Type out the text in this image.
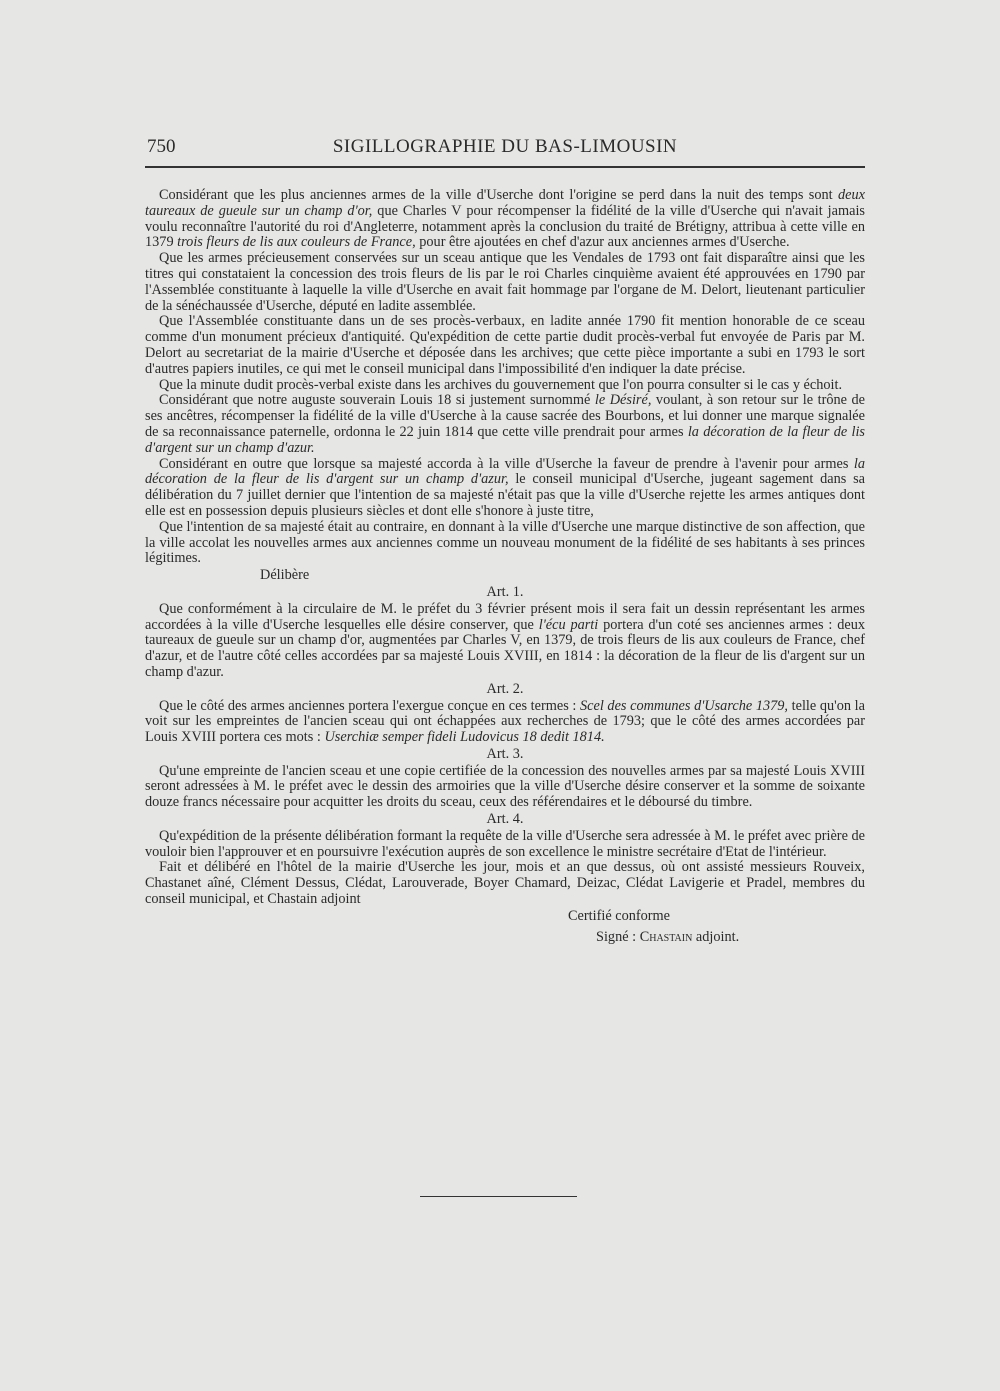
750	SIGILLOGRAPHIE DU BAS-LIMOUSIN

Considérant que les plus anciennes armes de la ville d'Userche dont l'origine se perd dans la nuit des temps sont deux taureaux de gueule sur un champ d'or, que Charles V pour récompenser la fidélité de la ville d'Userche qui n'avait jamais voulu reconnaître l'autorité du roi d'Angleterre, notamment après la conclusion du traité de Brétigny, attribua à cette ville en 1379 trois fleurs de lis aux couleurs de France, pour être ajoutées en chef d'azur aux anciennes armes d'Userche.

Que les armes précieusement conservées sur un sceau antique que les Vendales de 1793 ont fait disparaître ainsi que les titres qui constataient la concession des trois fleurs de lis par le roi Charles cinquième avaient été approuvées en 1790 par l'Assemblée constituante à laquelle la ville d'Userche en avait fait hommage par l'organe de M. Delort, lieutenant particulier de la sénéchaussée d'Userche, député en ladite assemblée.

Que l'Assemblée constituante dans un de ses procès-verbaux, en ladite année 1790 fit mention honorable de ce sceau comme d'un monument précieux d'antiquité. Qu'expédition de cette partie dudit procès-verbal fut envoyée de Paris par M. Delort au secretariat de la mairie d'Userche et déposée dans les archives; que cette pièce importante a subi en 1793 le sort d'autres papiers inutiles, ce qui met le conseil municipal dans l'impossibilité d'en indiquer la date précise.

Que la minute dudit procès-verbal existe dans les archives du gouvernement que l'on pourra consulter si le cas y échoit.

Considérant que notre auguste souverain Louis 18 si justement surnommé le Désiré, voulant, à son retour sur le trône de ses ancêtres, récompenser la fidélité de la ville d'Userche à la cause sacrée des Bourbons, et lui donner une marque signalée de sa reconnaissance paternelle, ordonna le 22 juin 1814 que cette ville prendrait pour armes la décoration de la fleur de lis d'argent sur un champ d'azur.

Considérant en outre que lorsque sa majesté accorda à la ville d'Userche la faveur de prendre à l'avenir pour armes la décoration de la fleur de lis d'argent sur un champ d'azur, le conseil municipal d'Userche, jugeant sagement dans sa délibération du 7 juillet dernier que l'intention de sa majesté n'était pas que la ville d'Userche rejette les armes antiques dont elle est en possession depuis plusieurs siècles et dont elle s'honore à juste titre,

Que l'intention de sa majesté était au contraire, en donnant à la ville d'Userche une marque distinctive de son affection, que la ville accolat les nouvelles armes aux anciennes comme un nouveau monument de la fidélité de ses habitants à ses princes légitimes.

Délibère

Art. 1.

Que conformément à la circulaire de M. le préfet du 3 février présent mois il sera fait un dessin représentant les armes accordées à la ville d'Userche lesquelles elle désire conserver, que l'écu parti portera d'un coté ses anciennes armes : deux taureaux de gueule sur un champ d'or, augmentées par Charles V, en 1379, de trois fleurs de lis aux couleurs de France, chef d'azur, et de l'autre côté celles accordées par sa majesté Louis XVIII, en 1814 : la décoration de la fleur de lis d'argent sur un champ d'azur.

Art. 2.

Que le côté des armes anciennes portera l'exergue conçue en ces termes : Scel des communes d'Usarche 1379, telle qu'on la voit sur les empreintes de l'ancien sceau qui ont échappées aux recherches de 1793; que le côté des armes accordées par Louis XVIII portera ces mots : Userchiæ semper fideli Ludovicus 18 dedit 1814.

Art. 3.

Qu'une empreinte de l'ancien sceau et une copie certifiée de la concession des nouvelles armes par sa majesté Louis XVIII seront adressées à M. le préfet avec le dessin des armoiries que la ville d'Userche désire conserver et la somme de soixante douze francs nécessaire pour acquitter les droits du sceau, ceux des référendaires et le déboursé du timbre.

Art. 4.

Qu'expédition de la présente délibération formant la requête de la ville d'Userche sera adressée à M. le préfet avec prière de vouloir bien l'approuver et en poursuivre l'exécution auprès de son excellence le ministre secrétaire d'Etat de l'intérieur.

Fait et délibéré en l'hôtel de la mairie d'Userche les jour, mois et an que dessus, où ont assisté messieurs Rouveix, Chastanet aîné, Clément Dessus, Clédat, Larouverade, Boyer Chamard, Deizac, Clédat Lavigerie et Pradel, membres du conseil municipal, et Chastain adjoint

Certifié conforme

Signé : Chastain adjoint.
